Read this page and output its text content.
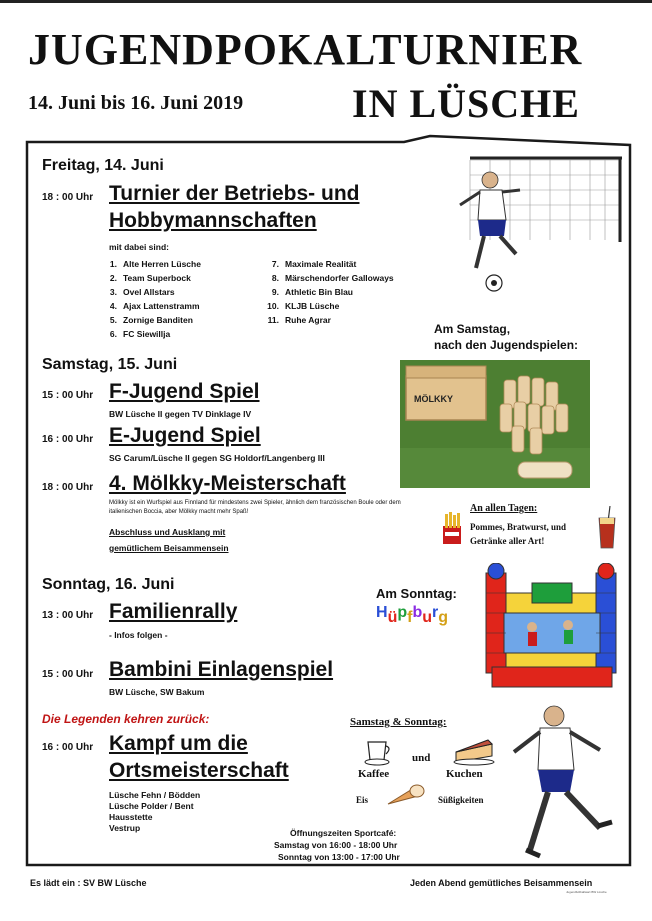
JUGENDPOKALTURNIER
14. Juni bis 16. Juni 2019	IN LÜSCHE
Freitag, 14. Juni
18 : 00 Uhr Turnier der Betriebs- und
Hobbymannschaften
mit dabei sind:
1. Alte Herren Lüsche
2. Team Superbock
3. Ovel Allstars
4. Ajax Lattenstramm
5. Zornige Banditen
6. FC Siewillja
7. Maximale Realität
8. Märschendorfer Galloways
9. Athletic Bin Blau
10. KLJB Lüsche
11. Ruhe Agrar
Samstag, 15. Juni
15 : 00 Uhr F-Jugend Spiel
BW Lüsche II gegen TV Dinklage IV
16 : 00 Uhr E-Jugend Spiel
SG Carum/Lüsche II gegen SG Holdorf/Langenberg III
18 : 00 Uhr 4. Mölkky-Meisterschaft
Mölkky ist ein Wurfspiel aus Finnland für mindestens zwei Spieler, ähnlich dem französischen Boule oder dem italienischen Boccia, aber Mölkky macht mehr Spaß!
Abschluss und Ausklang mit
gemütlichem Beisammensein
Sonntag, 16. Juni
13 : 00 Uhr Familienrally
- Infos folgen -
15 : 00 Uhr Bambini Einlagenspiel
BW Lüsche, SW Bakum
Die Legenden kehren zurück:
16 : 00 Uhr Kampf um die
Ortsmeisterschaft
Lüsche Fehn / Bödden
Lüsche Polder / Bent
Hausstette
Vestrup
Am Samstag,
nach den Jugendspielen:
MÖLKKY
An allen Tagen:
Pommes, Bratwurst, und
Getränke aller Art!
Am Sonntag:
Hüpfburg
Samstag & Sonntag:
Kaffee
und
Kuchen
Eis	Süßigkeiten
Öffnungszeiten Sportcafé:
Samstag von 16:00 - 18:00 Uhr
Sonntag von 13:00 - 17:00 Uhr
Es lädt ein : SV BW Lüsche	Jeden Abend gemütliches Beisammensein
Jugendfußballwart BW Lüsche
